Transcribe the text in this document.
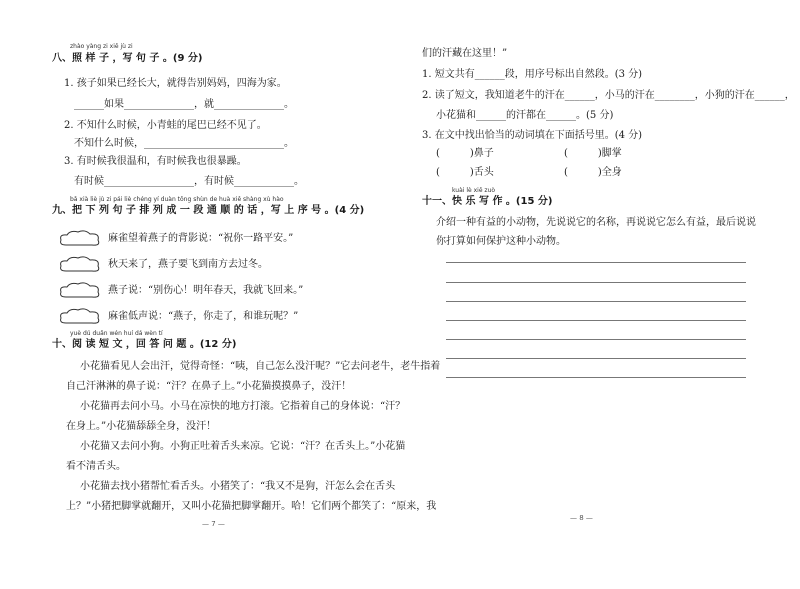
zhào yàng zi xiě jù zi
八、照 样 子 ，写 句 子 。(9 分)
1. 孩子如果已经长大，就得告别妈妈，四海为家。
______如果______________，就______________。
2. 不知什么时候，小青蛙的尾巴已经不见了。
不知什么时候，____________________________。
3. 有时候我很温和，有时候我也很暴躁。
有时候__________________，有时候____________。
bǎ xià liè jù zi pái liè chéng yí duàn tōng shùn de huà xiě shàng xù hào
九、把 下 列 句 子 排 列 成 一 段 通 顺 的 话 ，写 上 序 号 。(4 分)
麻雀望着燕子的背影说：“祝你一路平安。”
秋天来了，燕子要飞到南方去过冬。
燕子说：“别伤心！明年春天，我就飞回来。”
麻雀低声说：“燕子，你走了，和谁玩呢？”
yuè dú duǎn wén huí dá wèn tí
十、阅 读 短 文 ，回 答 问 题 。(12 分)
小花猫看见人会出汗，觉得奇怪：“咦，自己怎么没汗呢？”它去问老牛，老牛指着
自己汗淋淋的鼻子说：“汗？在鼻子上。”小花猫摸摸鼻子，没汗！
小花猫再去问小马。小马在凉快的地方打滚。它指着自己的身体说：“汗？
在身上。”小花猫舔舔全身，没汗！
小花猫又去问小狗。小狗正吐着舌头来凉。它说：“汗？在舌头上。”小花猫
看不清舌头。
小花猫去找小猪帮忙看舌头。小猪笑了：“我又不是狗，汗怎么会在舌头
上？”小猪把脚掌就翻开，又叫小花猫把脚掌翻开。哈！它们两个都笑了：“原来，我
— 7 —
们的汗藏在这里！”
1. 短文共有______段，用序号标出自然段。(3 分)
2. 读了短文，我知道老牛的汗在______，小马的汗在________，小狗的汗在______，
小花猫和______的汗都在______。(5 分)
3. 在文中找出恰当的动词填在下面括号里。(4 分)
(　　　)鼻子	(　　　)脚掌
(　　　)舌头	(　　　)全身
kuài lè xiě zuò
十一、快 乐 写 作 。(15 分)
介绍一种有益的小动物，先说说它的名称，再说说它怎么有益，最后说说
你打算如何保护这种小动物。
— 8 —
